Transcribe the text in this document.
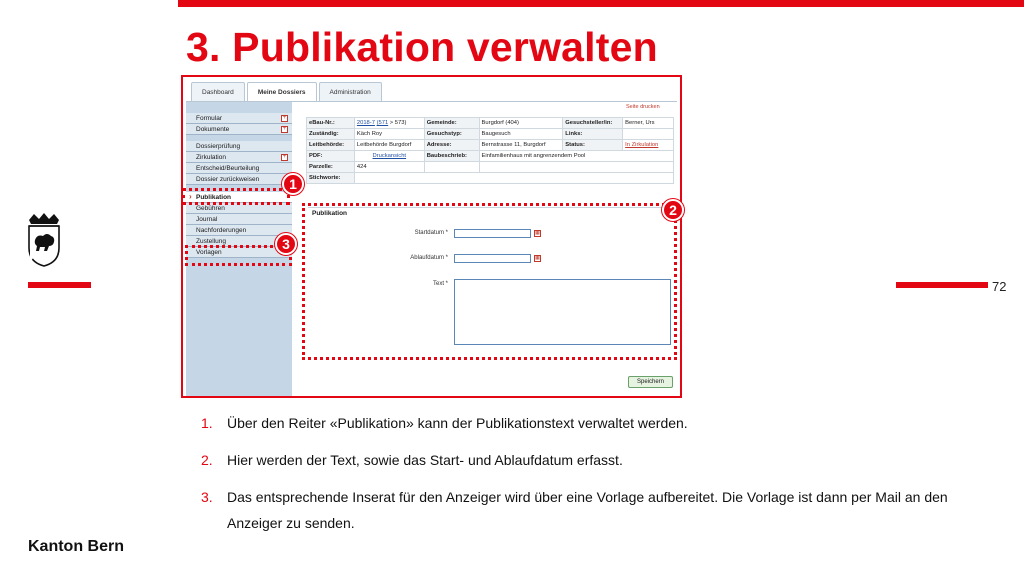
3. Publikation verwalten
72
Kanton Bern
Dashboard	Meine Dossiers	Administration
Formular	+
Dokumente	+
Dossierprüfung
Zirkulation	+
Entscheid/Beurteilung
Dossier zurückweisen
› Publikation
Gebühren
Journal
Nachforderungen
Zustellung
Vorlagen
Seite drucken
eBau-Nr.:	2018-7 (571 > 573)	Gemeinde:	Burgdorf (404)	Gesuchsteller/in:	Berner, Urs
Zuständig:	Käch Roy	Gesuchstyp:	Baugesuch	Links:	
Leitbehörde:	Leitbehörde Burgdorf	Adresse:	Bernstrasse 11, Burgdorf	Status:	In Zirkulation
PDF:	Druckansicht	Baubeschrieb:	Einfamilienhaus mit angrenzendem Pool		
Parzelle:	424				
Stichworte:					
Publikation
Startdatum *	▦
Ablaufdatum *	▦
Text *
Speichern
1
2
3
1. Über den Reiter «Publikation» kann der Publikationstext verwaltet werden.
2. Hier werden der Text, sowie das Start- und Ablaufdatum erfasst.
3. Das entsprechende Inserat für den Anzeiger wird über eine Vorlage aufbereitet. Die Vorlage ist dann per Mail an den Anzeiger zu senden.
